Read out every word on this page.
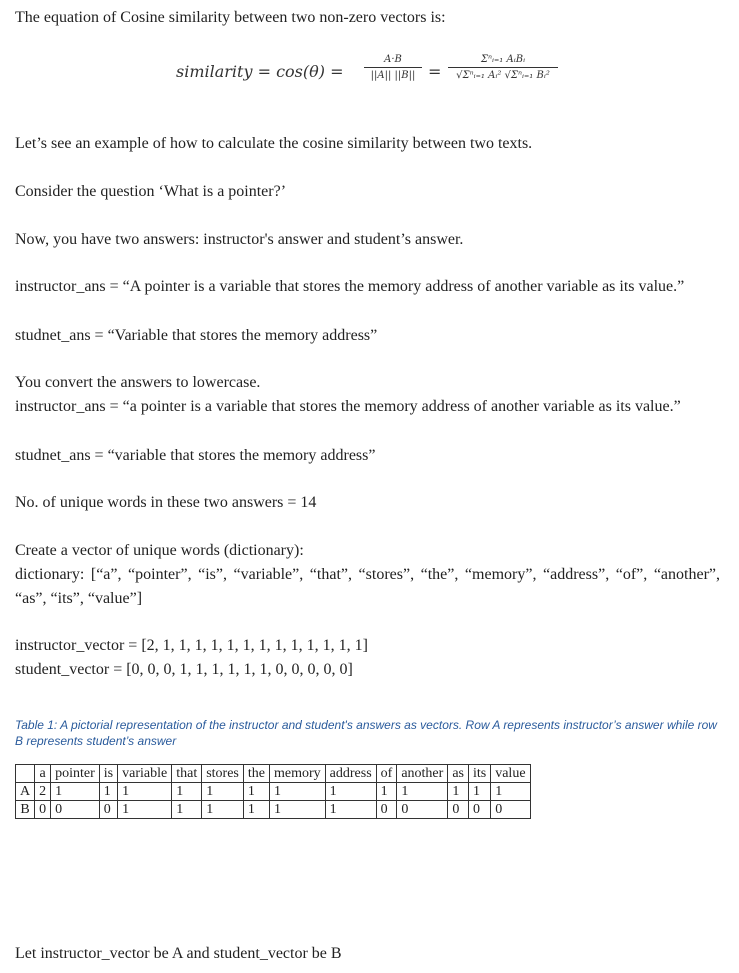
The equation of Cosine similarity between two non-zero vectors is:
similarity = cos(θ) =
A·B
||A|| ||B|| =
Σⁿᵢ₌₁ AᵢBᵢ
√Σⁿᵢ₌₁ Aᵢ² √Σⁿᵢ₌₁ Bᵢ²
Let’s see an example of how to calculate the cosine similarity between two texts.
Consider the question ‘What is a pointer?’
Now, you have two answers: instructor's answer and student’s answer.
instructor_ans = “A pointer is a variable that stores the memory address of another variable as its value.”
studnet_ans = “Variable that stores the memory address”
You convert the answers to lowercase.
instructor_ans = “a pointer is a variable that stores the memory address of another variable as its value.”
studnet_ans = “variable that stores the memory address”
No. of unique words in these two answers = 14
Create a vector of unique words (dictionary):
dictionary: [“a”, “pointer”, “is”, “variable”, “that”, “stores”, “the”, “memory”, “address”, “of”, “another”, “as”, “its”, “value”]
instructor_vector = [2, 1, 1, 1, 1, 1, 1, 1, 1, 1, 1, 1, 1, 1]
student_vector = [0, 0, 0, 1, 1, 1, 1, 1, 1, 0, 0, 0, 0, 0]
Table 1: A pictorial representation of the instructor and student's answers as vectors. Row A represents instructor’s answer while row B represents student’s answer
	a	pointer	is	variable	that	stores	the	memory	address	of	another	as	its	value
A	2	1	1	1	1	1	1	1	1	1	1	1	1	1
B	0	0	0	1	1	1	1	1	1	0	0	0	0	0
Let instructor_vector be A and student_vector be B
